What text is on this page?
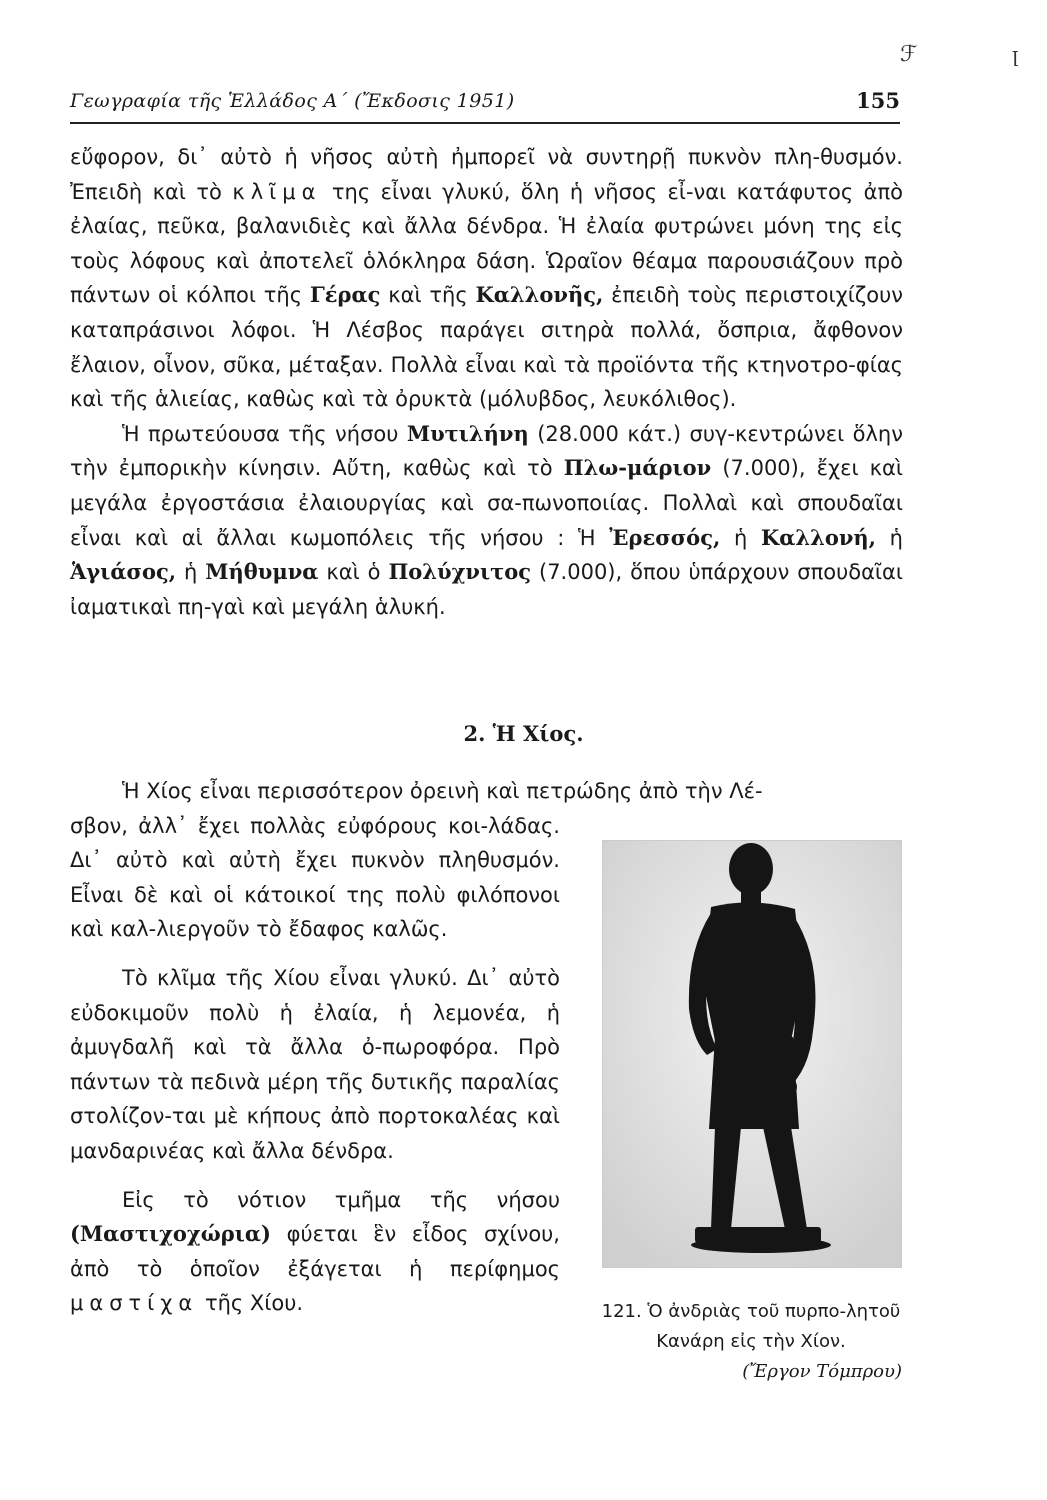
ℱ	ꞁ
Γεωγραφία τῆς Ἑλλάδος Α΄ (Ἔκδοσις 1951)	155

εὔφορον, δι᾿ αὐτὸ ἡ νῆσος αὐτὴ ἠμπορεῖ νὰ συντηρῇ πυκνὸν πλη-θυσμόν. Ἐπειδὴ καὶ τὸ κλῖμα της εἶναι γλυκύ, ὅλη ἡ νῆσος εἶ-ναι κατάφυτος ἀπὸ ἐλαίας, πεῦκα, βαλανιδιὲς καὶ ἄλλα δένδρα. Ἡ ἐλαία φυτρώνει μόνη της εἰς τοὺς λόφους καὶ ἀποτελεῖ ὁλόκληρα δάση. Ὡραῖον θέαμα παρουσιάζουν πρὸ πάντων οἱ κόλποι τῆς Γέρας καὶ τῆς Καλλονῆς, ἐπειδὴ τοὺς περιστοιχίζουν καταπράσινοι λόφοι. Ἡ Λέσβος παράγει σιτηρὰ πολλά, ὄσπρια, ἄφθονον ἔλαιον, οἶνον, σῦκα, μέταξαν. Πολλὰ εἶναι καὶ τὰ προϊόντα τῆς κτηνοτρο-φίας καὶ τῆς ἁλιείας, καθὼς καὶ τὰ ὀρυκτὰ (μόλυβδος, λευκόλιθος).

Ἡ πρωτεύουσα τῆς νήσου Μυτιλήνη (28.000 κάτ.) συγ-κεντρώνει ὅλην τὴν ἐμπορικὴν κίνησιν. Αὔτη, καθὼς καὶ τὸ Πλω-μάριον (7.000), ἔχει καὶ μεγάλα ἐργοστάσια ἐλαιουργίας καὶ σα-πωνοποιίας. Πολλαὶ καὶ σπουδαῖαι εἶναι καὶ αἱ ἄλλαι κωμοπόλεις τῆς νήσου : Ἡ Ἐρεσσός, ἡ Καλλονή, ἡ Ἁγιάσος, ἡ Μήθυμνα καὶ ὁ Πολύχνιτος (7.000), ὅπου ὑπάρχουν σπουδαῖαι ἰαματικαὶ πη-γαὶ καὶ μεγάλη ἁλυκή.

2. Ἡ Χίος.

Ἡ Χίος εἶναι περισσότερον ὀρεινὴ καὶ πετρώδης ἀπὸ τὴν Λέ-

σβον, ἀλλ᾿ ἔχει πολλὰς εὐφόρους κοι-λάδας. Δι᾿ αὐτὸ καὶ αὐτὴ ἔχει πυκνὸν πληθυσμόν. Εἶναι δὲ καὶ οἱ κάτοικοί της πολὺ φιλόπονοι καὶ καλ-λιεργοῦν τὸ ἔδαφος καλῶς.

Τὸ κλῖμα τῆς Χίου εἶναι γλυκύ. Δι᾿ αὐτὸ εὐδοκιμοῦν πολὺ ἡ ἐλαία, ἡ λεμονέα, ἡ ἀμυγδαλῆ καὶ τὰ ἄλλα ὀ-πωροφόρα. Πρὸ πάντων τὰ πεδινὰ μέρη τῆς δυτικῆς παραλίας στολίζον-ται μὲ κήπους ἀπὸ πορτοκαλέας καὶ μανδαρινέας καὶ ἄλλα δένδρα.

Εἰς τὸ νότιον τμῆμα τῆς νήσου (Μαστιχοχώρια) φύεται ἓν εἶδος σχίνου, ἀπὸ τὸ ὁποῖον ἐξάγεται ἡ περίφημος μαστίχα τῆς Χίου.	121. Ὁ ἀνδριὰς τοῦ πυρπο-λητοῦ Κανάρη εἰς τὴν Χίον.
(Ἔργον Τόμπρου)
